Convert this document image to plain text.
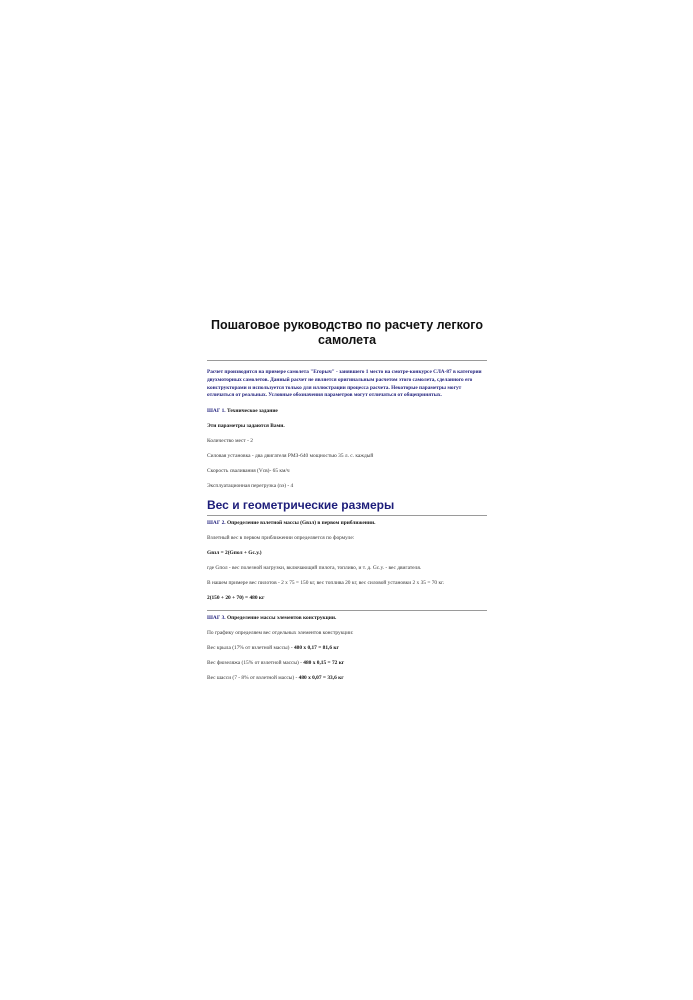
Пошаговое руководство по расчету легкого самолета
Расчет производится на примере самолета "Егорыч" - занявшего 1 место на смотре-конкурсе СЛА-87 в категории двухмоторных самолетов. Данный расчет не является оригинальным расчетом этого самолета, сделанного его конструкторами и используется только для иллюстрации процесса расчета. Некоторые параметры могут отличаться от реальных. Условные обозначения параметров могут отличаться от общепринятых.
ШАГ 1. Техническое задание
Эти параметры задаются Вами.
Количество мест - 2
Силовая установка - два двигателя РМЗ-640 мощностью 35 л. с. каждый
Скорость сваливания (Vсв)- 65 км/ч
Эксплуатационная перегрузка (nэ) - 4
Вес и геометрические размеры
ШАГ 2. Определение взлетной массы (Gвзл) в первом приближении.
Взлетный вес в первом приближении определяется по формуле:
Gвзл = 2(Gпол + Gс.у.)
где Gпол - вес полезной нагрузки, включающий пилота, топливо, и т. д. Gс.у. - вес двигателя.
В нашем примере вес пилотов - 2 х 75 = 150 кг, вес топлива 20 кг, вес силовой установки 2 х 35 = 70 кг.
2(150 + 20 + 70) = 480 кг
ШАГ 3. Определение массы элементов конструкции.
По графику определяем вес отдельных элементов конструкции:
Вес крыла (17% от взлетной массы) - 480 х 0,17 = 81,6 кг
Вес фюзеляжа (15% от взлетной массы) - 480 х 0,15 = 72 кг
Вес шасси (7 - 8% от взлетной массы) - 480 х 0,07 = 33,6 кг
